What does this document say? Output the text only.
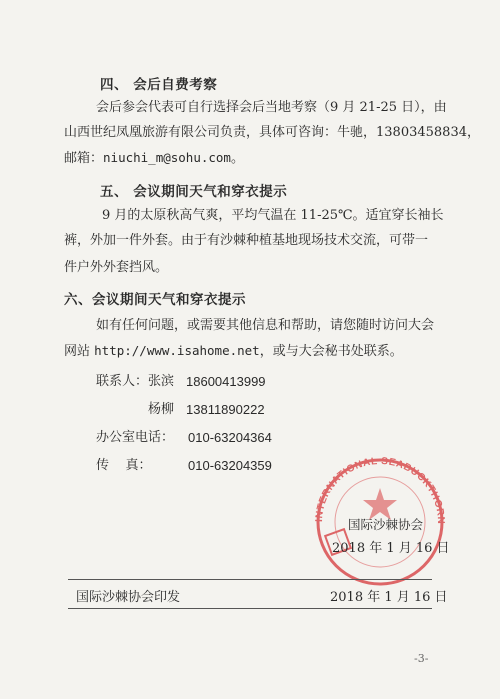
四、 会后自费考察
会后参会代表可自行选择会后当地考察（9 月 21-25 日），由
山西世纪凤凰旅游有限公司负责，具体可咨询：牛驰，13803458834，
邮箱：niuchi_m@sohu.com。
五、 会议期间天气和穿衣提示
9 月的太原秋高气爽，平均气温在 11-25℃。适宜穿长袖长
裤，外加一件外套。由于有沙棘种植基地现场技术交流，可带一
件户外外套挡风。
六、会议期间天气和穿衣提示
如有任何问题，或需要其他信息和帮助，请您随时访问大会
网站 http://www.isahome.net，或与大会秘书处联系。
联系人： 张滨 18600413999
杨柳 13811890222
办公室电话： 010-63204364
传    真：	010-63204359
INTERNATIONAL SEABUCKTHORN ASSOCIATION
国际沙棘协会
2018 年 1 月 16 日
国际沙棘协会印发	2018 年 1 月 16 日
-3-
